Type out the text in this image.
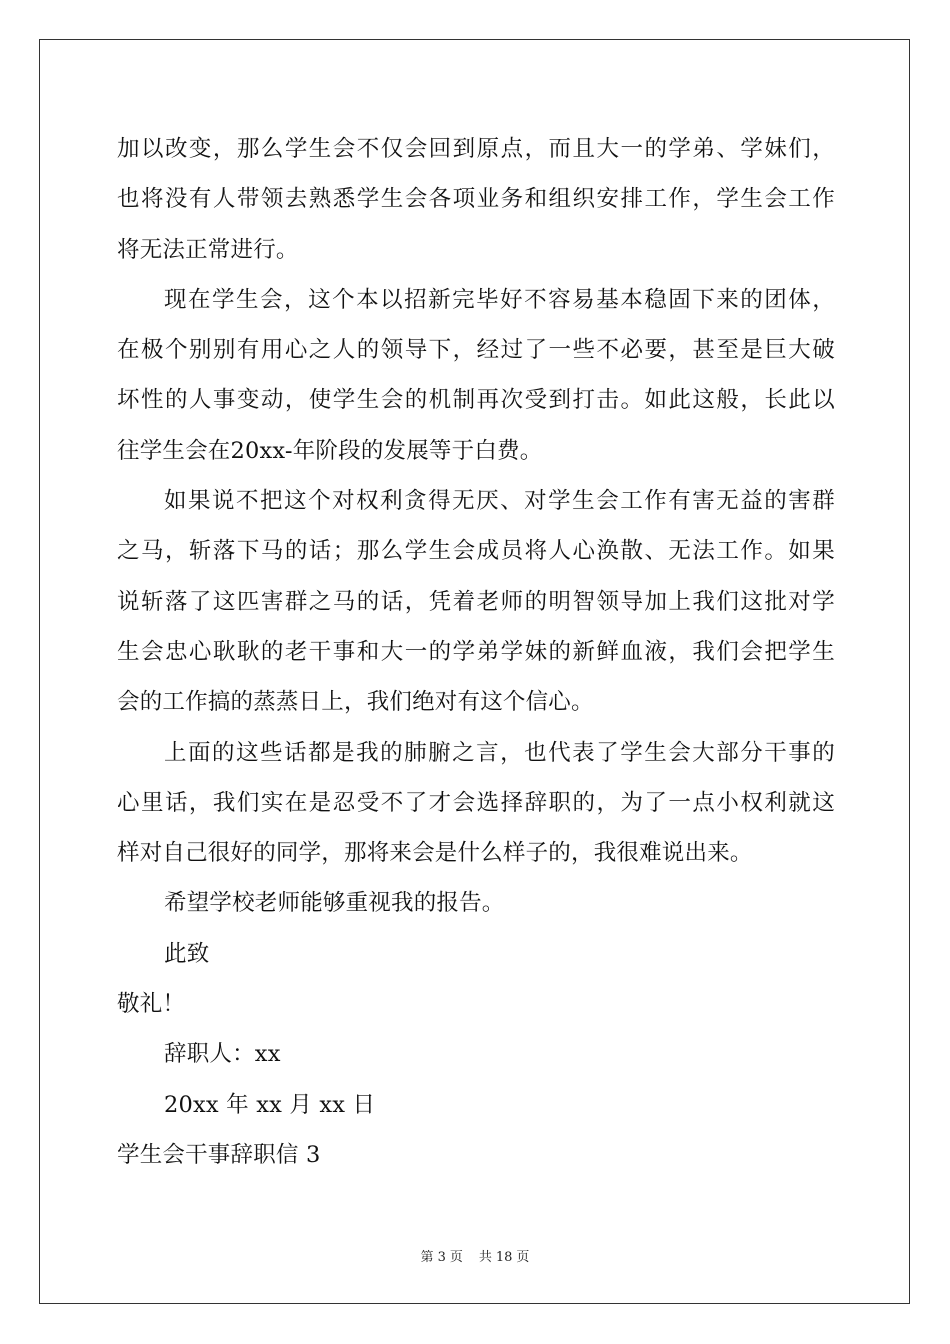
加以改变，那么学生会不仅会回到原点，而且大一的学弟、学妹们，
也将没有人带领去熟悉学生会各项业务和组织安排工作，学生会工作
将无法正常进行。
现在学生会，这个本以招新完毕好不容易基本稳固下来的团体，
在极个别别有用心之人的领导下，经过了一些不必要，甚至是巨大破
坏性的人事变动，使学生会的机制再次受到打击。如此这般，长此以
往学生会在20xx-年阶段的发展等于白费。
如果说不把这个对权利贪得无厌、对学生会工作有害无益的害群
之马，斩落下马的话；那么学生会成员将人心涣散、无法工作。如果
说斩落了这匹害群之马的话，凭着老师的明智领导加上我们这批对学
生会忠心耿耿的老干事和大一的学弟学妹的新鲜血液，我们会把学生
会的工作搞的蒸蒸日上，我们绝对有这个信心。
上面的这些话都是我的肺腑之言，也代表了学生会大部分干事的
心里话，我们实在是忍受不了才会选择辞职的，为了一点小权利就这
样对自己很好的同学，那将来会是什么样子的，我很难说出来。
希望学校老师能够重视我的报告。
此致
敬礼！
辞职人：xx
20xx 年 xx 月 xx 日
学生会干事辞职信 3
第 3 页 共 18 页
